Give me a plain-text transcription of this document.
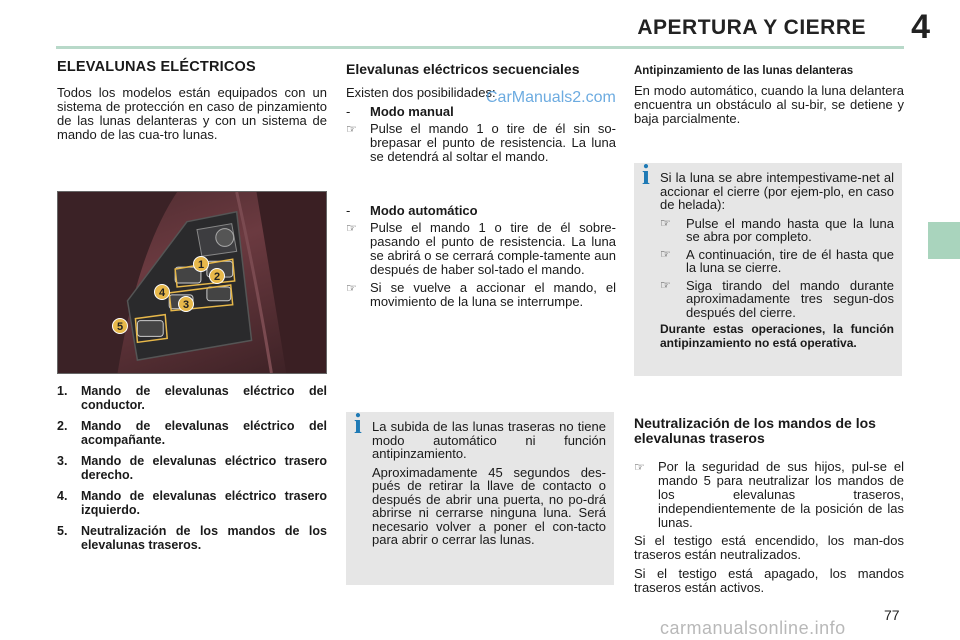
APERTURA Y CIERRE 4
ELEVALUNAS ELÉCTRICOS

Todos los modelos están equipados con un sistema de protección en caso de pinzamiento de las lunas delanteras y con un sistema de mando de las cua-tro lunas.

1
2
3
4
5
1.	Mando de elevalunas eléctrico del conductor.
2.	Mando de elevalunas eléctrico del acompañante.
3.	Mando de elevalunas eléctrico trasero derecho.
4.	Mando de elevalunas eléctrico trasero izquierdo.
5.	Neutralización de los mandos de los elevalunas traseros.
Elevalunas eléctricos secuenciales

Existen dos posibilidades:

-	Modo manual
☞	Pulse el mando 1 o tire de él sin so-brepasar el punto de resistencia. La luna se detendrá al soltar el mando.
-	Modo automático
☞	Pulse el mando 1 o tire de él sobre-pasando el punto de resistencia. La luna se abrirá o se cerrará comple-tamente aun después de haber sol-tado el mando.
☞	Si se vuelve a accionar el mando, el movimiento de la luna se interrumpe.
i La subida de las lunas traseras no tiene modo automático ni función antipinzamiento.

Aproximadamente 45 segundos des-pués de retirar la llave de contacto o después de abrir una puerta, no po-drá abrirse ni cerrarse ninguna luna. Será necesario volver a poner el con-tacto para abrir o cerrar las lunas.

Antipinzamiento de las lunas delanteras

En modo automático, cuando la luna delantera encuentra un obstáculo al su-bir, se detiene y baja parcialmente.

i Si la luna se abre intempestivame-net al accionar el cierre (por ejem-plo, en caso de helada):

☞	Pulse el mando hasta que la luna se abra por completo.
☞	A continuación, tire de él hasta que la luna se cierre.
☞	Siga tirando del mando durante aproximadamente tres segun-dos después del cierre.

Durante estas operaciones, la función antipinzamiento no está operativa.

Neutralización de los mandos de los elevalunas traseros
☞	Por la seguridad de sus hijos, pul-se el mando 5 para neutralizar los mandos de los elevalunas traseros, independientemente de la posición de las lunas.

Si el testigo está encendido, los man-dos traseros están neutralizados.

Si el testigo está apagado, los mandos traseros están activos.

CarManuals2.com
77
carmanualsonline.info
